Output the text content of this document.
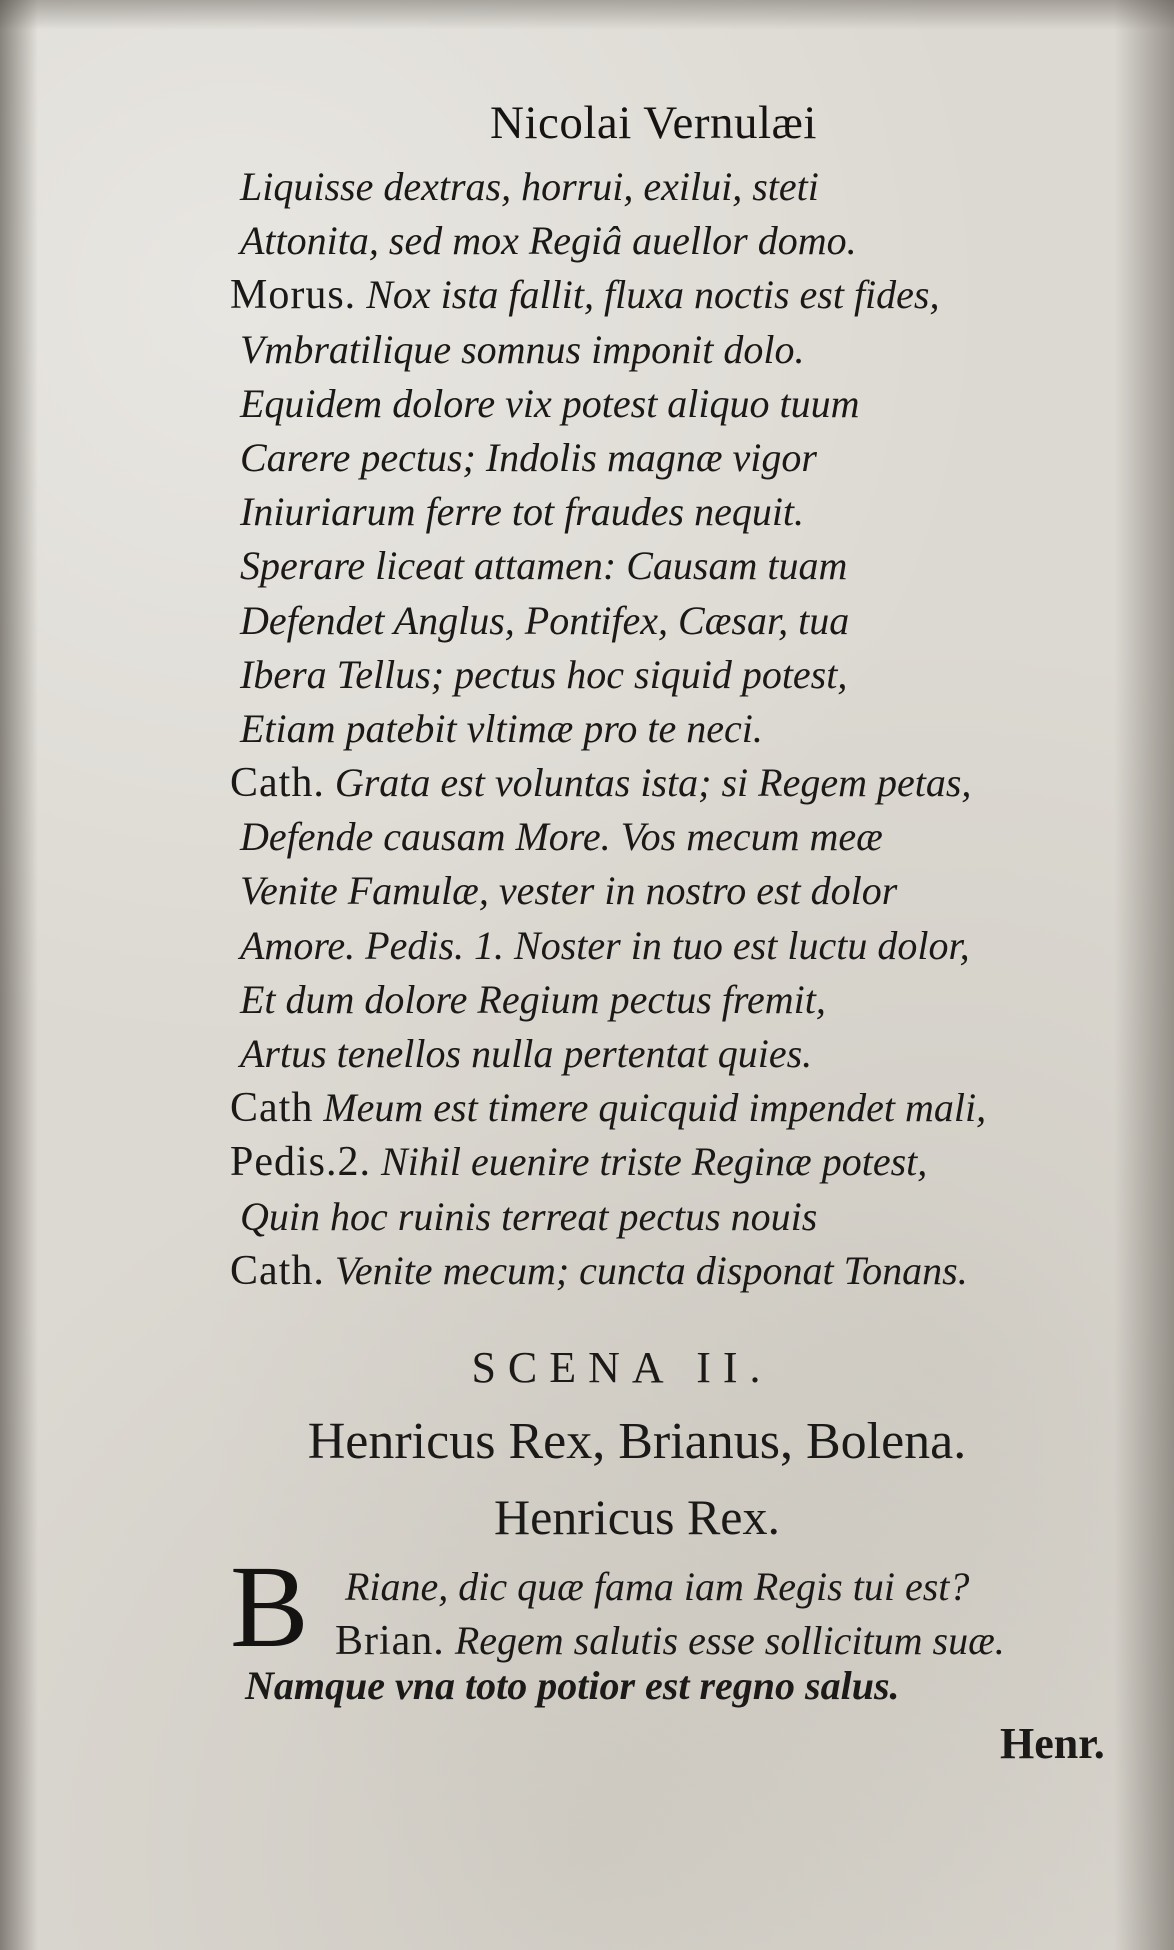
Nicolai Vernulæi
Liquisse dextras, horrui, exilui, steti
Attonita, sed mox Regiâ auellor domo.
Morus. Nox ista fallit, fluxa noctis est fides,
Vmbratilique somnus imponit dolo.
Equidem dolore vix potest aliquo tuum
Carere pectus; Indolis magnæ vigor
Iniuriarum ferre tot fraudes nequit.
Sperare liceat attamen: Causam tuam
Defendet Anglus, Pontifex, Cæsar, tua
Ibera Tellus; pectus hoc siquid potest,
Etiam patebit vltimæ pro te neci.
Cath. Grata est voluntas ista; si Regem petas,
Defende causam More. Vos mecum meæ
Venite Famulæ, vester in nostro est dolor
Amore. Pedis. 1. Noster in tuo est luctu dolor,
Et dum dolore Regium pectus fremit,
Artus tenellos nulla pertentat quies.
Cath Meum est timere quicquid impendet mali,
Pedis.2. Nihil euenire triste Reginæ potest,
Quin hoc ruinis terreat pectus nouis
Cath. Venite mecum; cuncta disponat Tonans.
SCENA II.
Henricus Rex, Brianus, Bolena.
Henricus Rex.
B Riane, dic quæ fama iam Regis tui est?
Brian. Regem salutis esse sollicitum suæ.
Namque vna toto potior est regno salus.
Henr.
